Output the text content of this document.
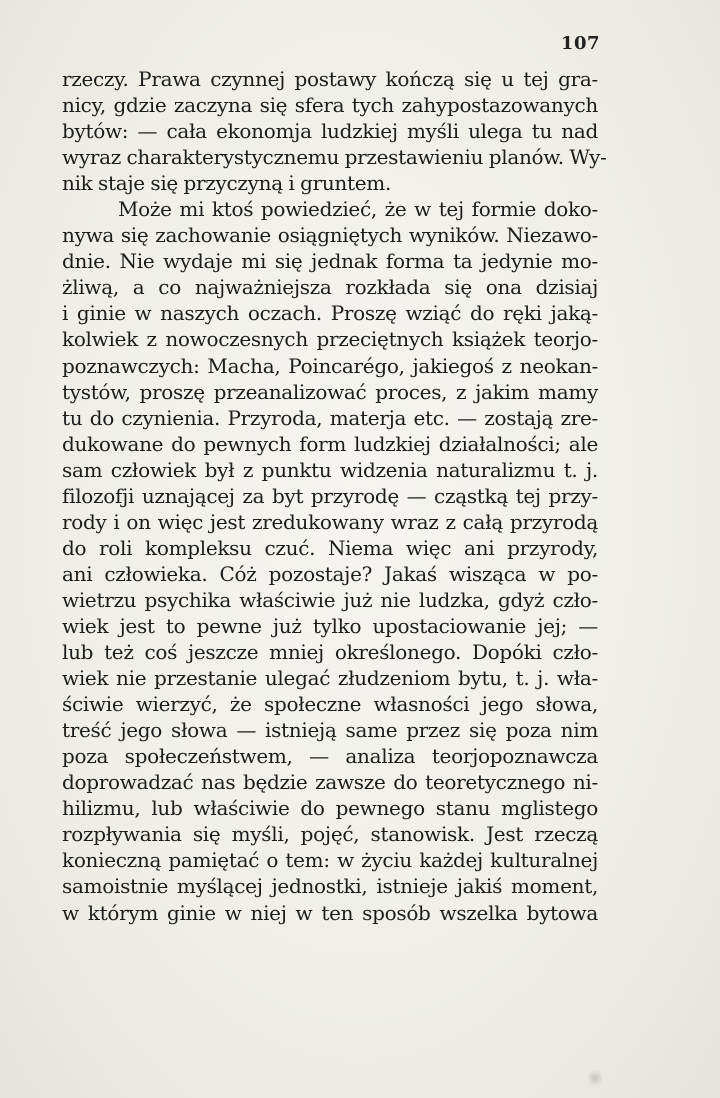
107
rzeczy. Prawa czynnej postawy kończą się u tej gra-
nicy, gdzie zaczyna się sfera tych zahypostazowanych
bytów: — cała ekonomja ludzkiej myśli ulega tu nad
wyraz charakterystycznemu przestawieniu planów. Wy-
nik staje się przyczyną i gruntem.
Może mi ktoś powiedzieć, że w tej formie doko-
nywa się zachowanie osiągniętych wyników. Niezawo-
dnie. Nie wydaje mi się jednak forma ta jedynie mo-
żliwą, a co najważniejsza rozkłada się ona dzisiaj
i ginie w naszych oczach. Proszę wziąć do ręki jaką-
kolwiek z nowoczesnych przeciętnych książek teorjo-
poznawczych: Macha, Poincarégo, jakiegoś z neokan-
tystów, proszę przeanalizować proces, z jakim mamy
tu do czynienia. Przyroda, materja etc. — zostają zre-
dukowane do pewnych form ludzkiej działalności; ale
sam człowiek był z punktu widzenia naturalizmu t. j.
filozofji uznającej za byt przyrodę — cząstką tej przy-
rody i on więc jest zredukowany wraz z całą przyrodą
do roli kompleksu czuć. Niema więc ani przyrody,
ani człowieka. Cóż pozostaje? Jakaś wisząca w po-
wietrzu psychika właściwie już nie ludzka, gdyż czło-
wiek jest to pewne już tylko upostaciowanie jej; —
lub też coś jeszcze mniej określonego. Dopóki czło-
wiek nie przestanie ulegać złudzeniom bytu, t. j. wła-
ściwie wierzyć, że społeczne własności jego słowa,
treść jego słowa — istnieją same przez się poza nim
poza społeczeństwem, — analiza teorjopoznawcza
doprowadzać nas będzie zawsze do teoretycznego ni-
hilizmu, lub właściwie do pewnego stanu mglistego
rozpływania się myśli, pojęć, stanowisk. Jest rzeczą
konieczną pamiętać o tem: w życiu każdej kulturalnej
samoistnie myślącej jednostki, istnieje jakiś moment,
w którym ginie w niej w ten sposób wszelka bytowa
